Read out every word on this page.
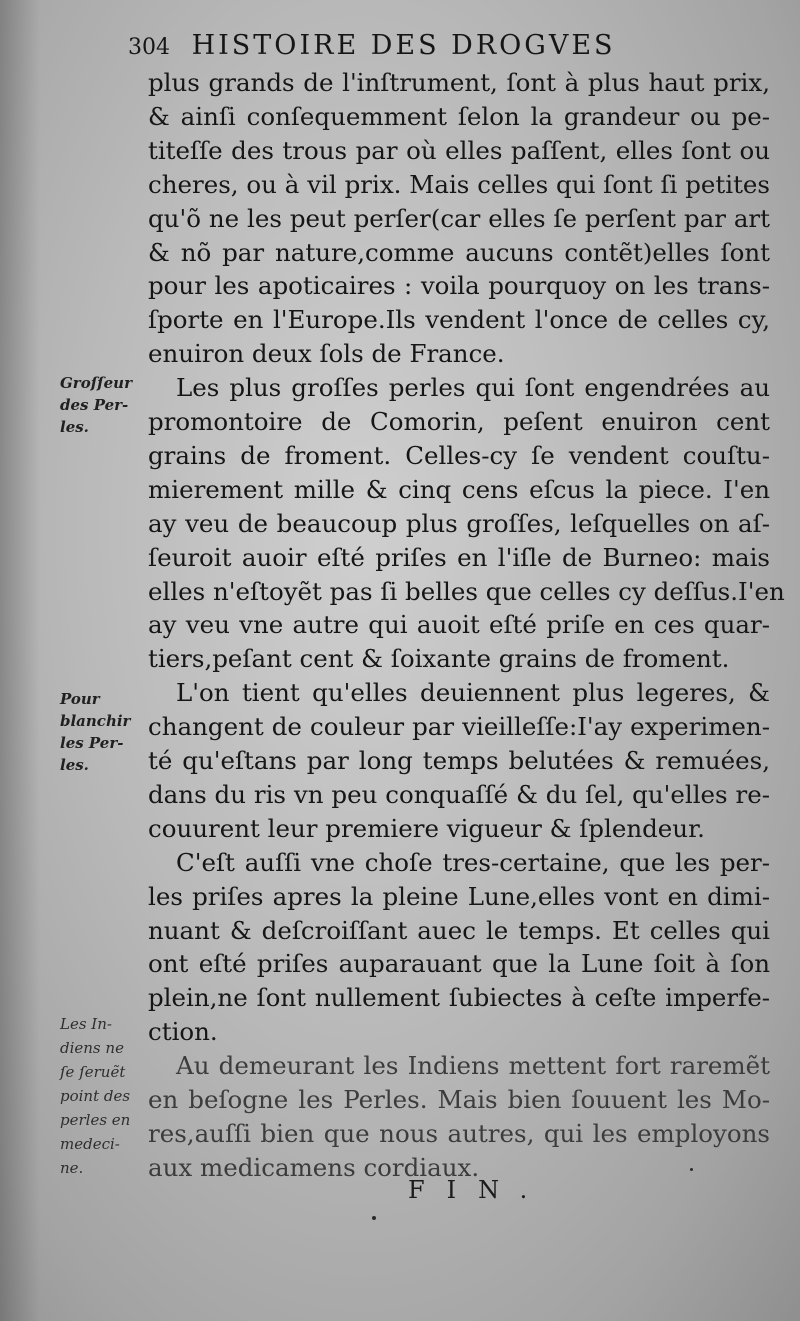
304 HISTOIRE DES DROGVES
plus grands de l'inſtrument, ſont à plus haut prix,
& ainſi conſequemment ſelon la grandeur ou pe-
titeſſe des trous par où elles paſſent, elles ſont ou
cheres, ou à vil prix. Mais celles qui ſont ſi petites
qu'õ ne les peut perſer(car elles ſe perſent par art
& nõ par nature,comme aucuns contẽt)elles ſont
pour les apoticaires : voila pourquoy on les trans-
ſporte en l'Europe.Ils vendent l'once de celles cy,
enuiron deux ſols de France.
Les plus groſſes perles qui ſont engendrées au
promontoire de Comorin, peſent enuiron cent
grains de froment. Celles-cy ſe vendent couſtu-
mierement mille & cinq cens eſcus la piece. I'en
ay veu de beaucoup plus groſſes, leſquelles on aſ-
ſeuroit auoir eſté priſes en l'iſle de Burneo: mais
elles n'eſtoyẽt pas ſi belles que celles cy deſſus.I'en
ay veu vne autre qui auoit eſté priſe en ces quar-
tiers,peſant cent & ſoixante grains de froment.
L'on tient qu'elles deuiennent plus legeres, &
changent de couleur par vieilleſſe:I'ay experimen-
té qu'eſtans par long temps belutées & remuées,
dans du ris vn peu conquaſſé & du ſel, qu'elles re-
couurent leur premiere vigueur & ſplendeur.
C'eſt auſſi vne choſe tres-certaine, que les per-
les priſes apres la pleine Lune,elles vont en dimi-
nuant & deſcroiſſant auec le temps. Et celles qui
ont eſté priſes auparauant que la Lune ſoit à ſon
plein,ne ſont nullement ſubiectes à ceſte imperfe-
ction.
Au demeurant les Indiens mettent fort raremẽt
en beſogne les Perles. Mais bien ſouuent les Mo-
res,auſſi bien que nous autres, qui les employons
aux medicamens cordiaux.
Groſſeur
des Per-
les.
Pour
blanchir
les Per-
les.
Les In-
diens ne
ſe ſeruẽt
point des
perles en
medeci-
ne.
FIN.
